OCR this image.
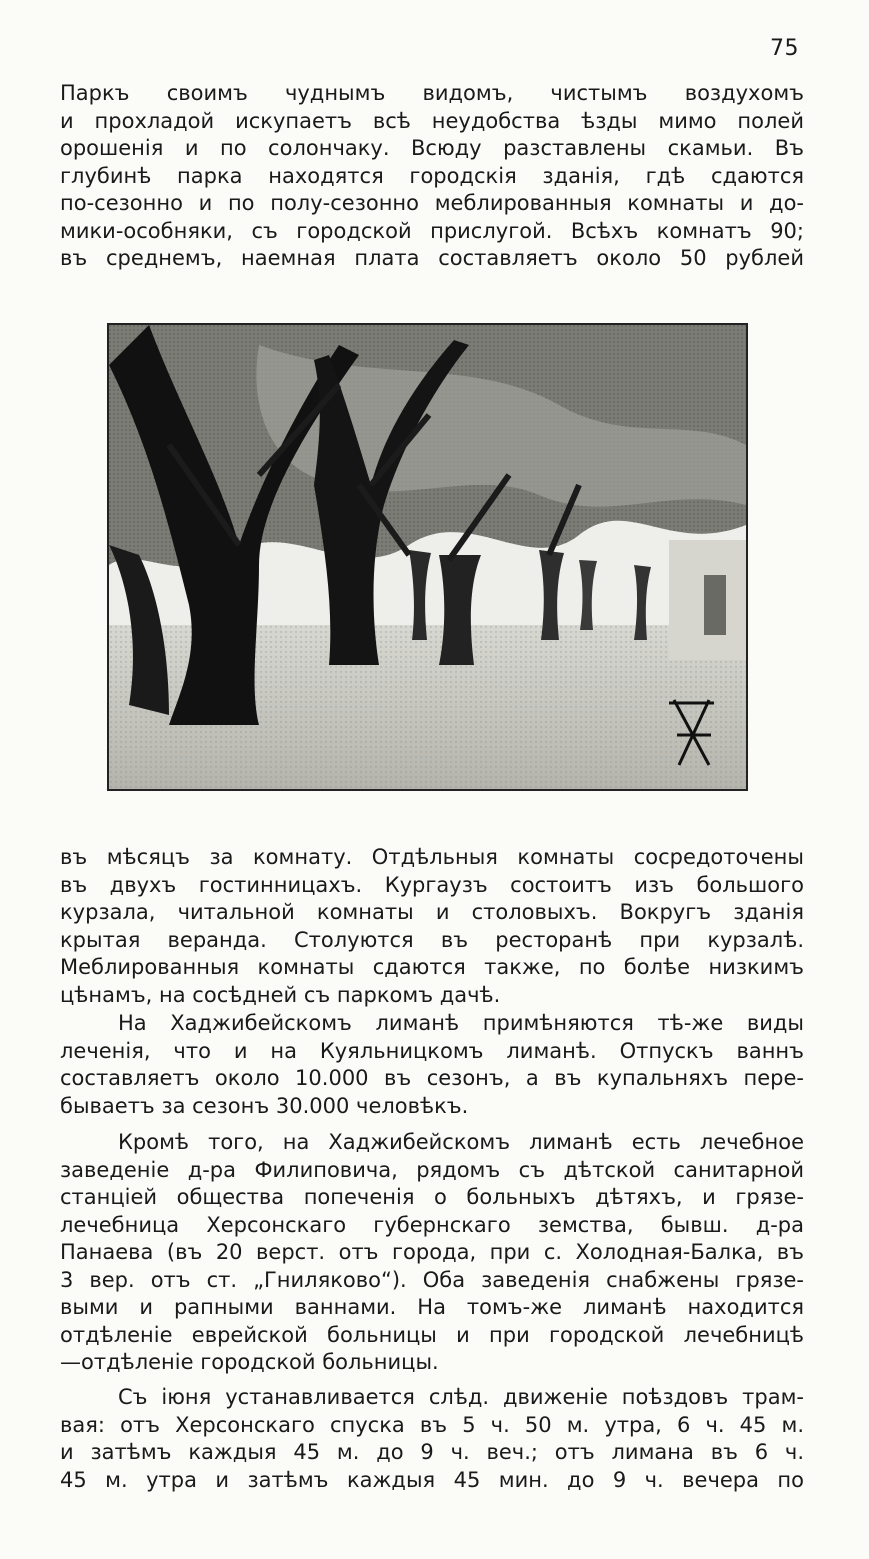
75

Паркъ своимъ чуднымъ видомъ, чистымъ воздухомъ
и прохладой искупаетъ всѣ неудобства ѣзды мимо полей
орошенія и по солончаку. Всюду разставлены скамьи. Въ
глубинѣ парка находятся городскія зданія, гдѣ сдаются
по-сезонно и по полу-сезонно меблированныя комнаты и до-
мики-особняки, съ городской прислугой. Всѣхъ комнатъ 90;
въ среднемъ, наемная плата составляетъ около 50 рублей

въ мѣсяцъ за комнату. Отдѣльныя комнаты сосредоточены
въ двухъ гостинницахъ. Кургаузъ состоитъ изъ большого
курзала, читальной комнаты и столовыхъ. Вокругъ зданія
крытая веранда. Столуются въ ресторанѣ при курзалѣ.
Меблированныя комнаты сдаются также, по болѣе низкимъ
цѣнамъ, на сосѣдней съ паркомъ дачѣ.

На Хаджибейскомъ лиманѣ примѣняются тѣ-же виды
леченія, что и на Куяльницкомъ лиманѣ. Отпускъ ваннъ
составляетъ около 10.000 въ сезонъ, а въ купальняхъ пере-
бываетъ за сезонъ 30.000 человѣкъ.

Кромѣ того, на Хаджибейскомъ лиманѣ есть лечебное
заведеніе д-ра Филиповича, рядомъ съ дѣтской санитарной
станціей общества попеченія о больныхъ дѣтяхъ, и грязе-
лечебница Херсонскаго губернскаго земства, бывш. д-ра
Панаева (въ 20 верст. отъ города, при с. Холодная-Балка, въ
3 вер. отъ ст. „Гниляково“). Оба заведенія снабжены грязе-
выми и рапными ваннами. На томъ-же лиманѣ находится
отдѣленіе еврейской больницы и при городской лечебницѣ
—отдѣленіе городской больницы.

Съ іюня устанавливается слѣд. движеніе поѣздовъ трам-
вая: отъ Херсонскаго спуска въ 5 ч. 50 м. утра, 6 ч. 45 м.
и затѣмъ каждыя 45 м. до 9 ч. веч.; отъ лимана въ 6 ч.
45 м. утра и затѣмъ каждыя 45 мин. до 9 ч. вечера по
